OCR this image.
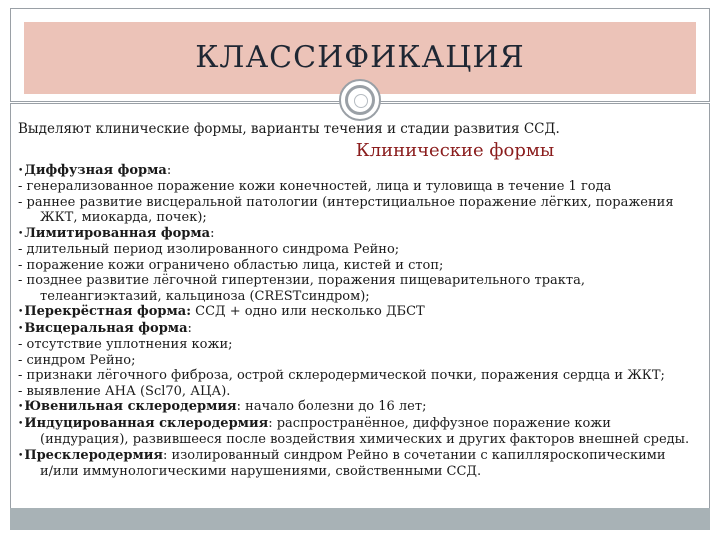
КЛАССИФИКАЦИЯ
Выделяют клинические формы, варианты течения и стадии развития ССД.
Клинические формы
•Диффузная форма:
- генерализованное поражение кожи конечностей, лица и туловища в течение 1 года
- раннее развитие висцеральной патологии (интерстициальное поражение лёгких, поражения
ЖКТ, миокарда, почек);
•Лимитированная форма:
- длительный период изолированного синдрома Рейно;
- поражение кожи ограничено областью лица, кистей и стоп;
- позднее развитие лёгочной гипертензии, поражения пищеварительного тракта,
телеангиэктазий, кальциноза (CRESTсиндром);
•Перекрёстная форма: ССД + одно или несколько ДБСТ
•Висцеральная форма:
- отсутствие уплотнения кожи;
- синдром Рейно;
- признаки лёгочного фиброза, острой склеродермической почки, поражения сердца и ЖКТ;
- выявление АНА (Scl70, АЦА).
•Ювенильная склеродермия: начало болезни до 16 лет;
•Индуцированная склеродермия: распространённое, диффузное поражение кожи
(индурация), развившееся после воздействия химических и других факторов внешней среды.
•Пресклеродермия: изолированный синдром Рейно в сочетании с капилляроскопическими
и/или иммунологическими нарушениями, свойственными ССД.
